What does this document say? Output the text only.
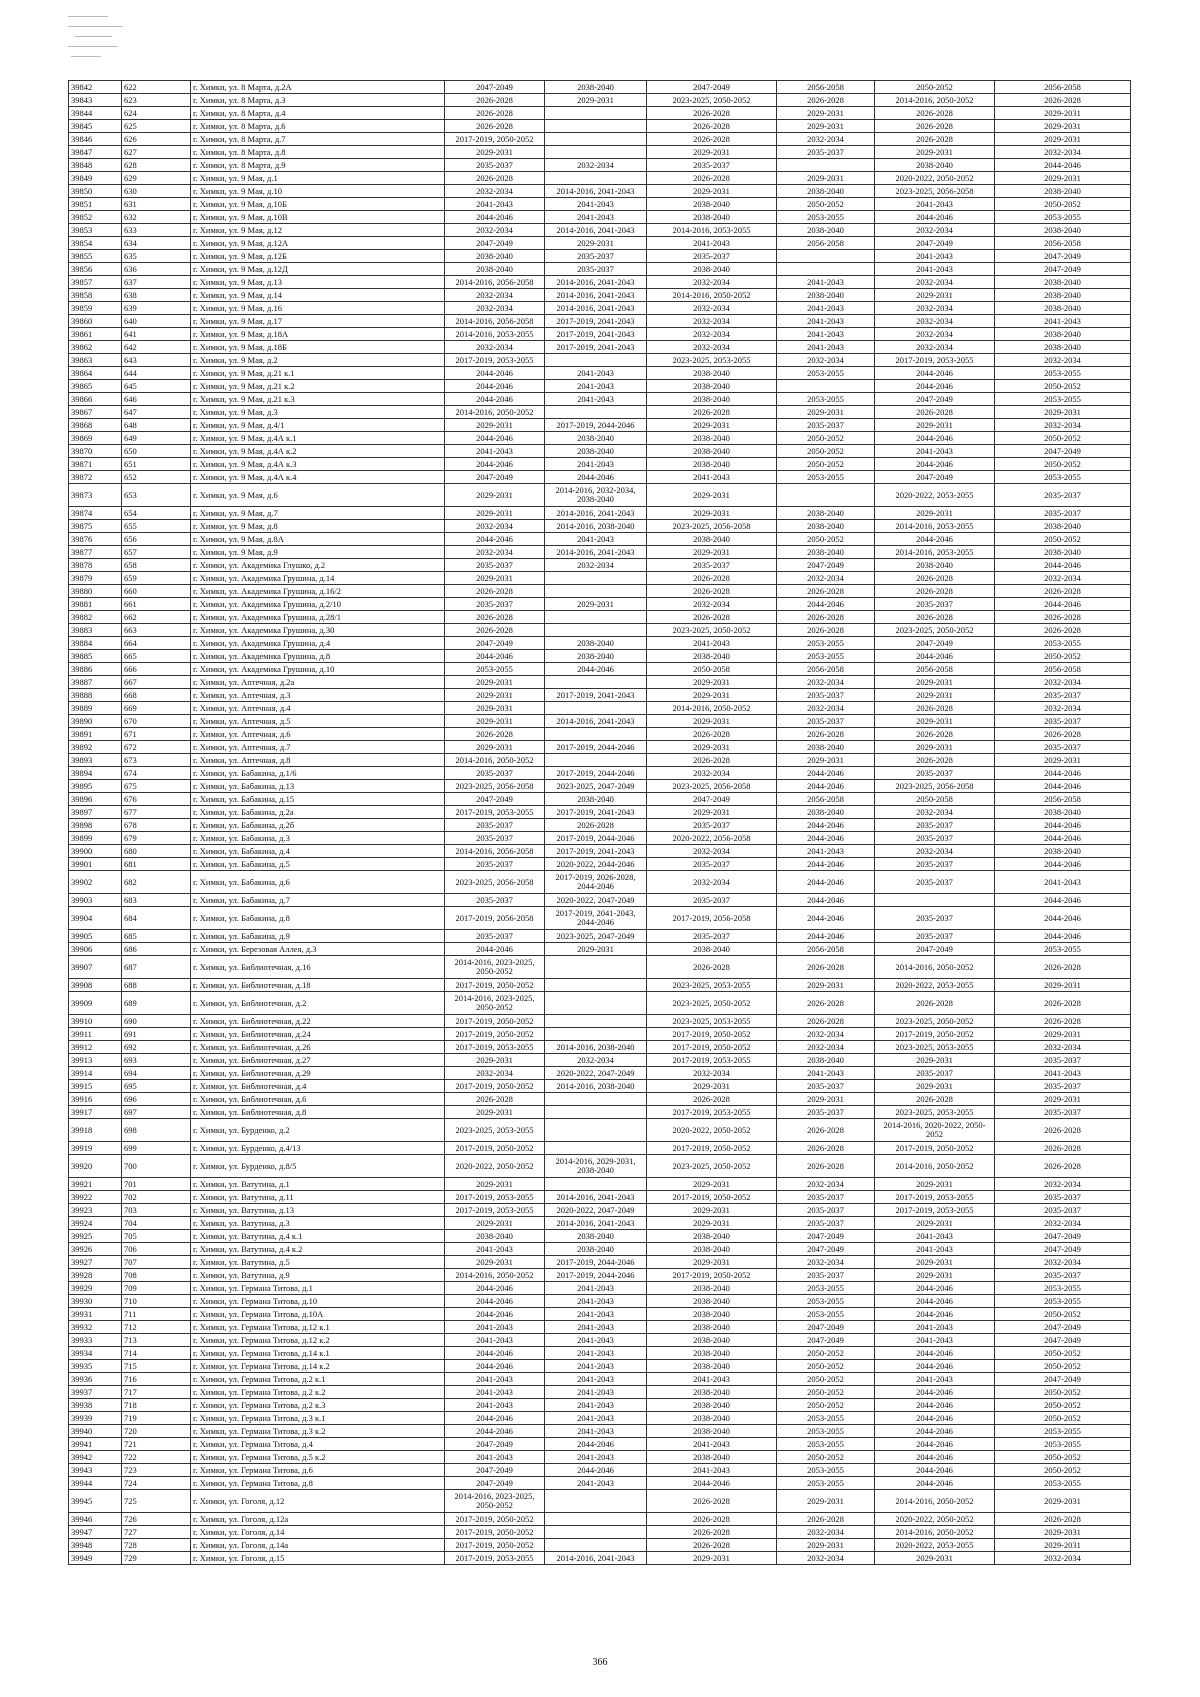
39842	622	г. Химки, ул. 8 Марта, д.2А	2047-2049	2038-2040	2047-2049	2056-2058	2050-2052	2056-2058
39843	623	г. Химки, ул. 8 Марта, д.3	2026-2028	2029-2031	2023-2025, 2050-2052	2026-2028	2014-2016, 2050-2052	2026-2028
39844	624	г. Химки, ул. 8 Марта, д.4	2026-2028		2026-2028	2029-2031	2026-2028	2029-2031
39845	625	г. Химки, ул. 8 Марта, д.6	2026-2028		2026-2028	2029-2031	2026-2028	2029-2031
39846	626	г. Химки, ул. 8 Марта, д.7	2017-2019, 2050-2052		2026-2028	2032-2034	2026-2028	2029-2031
39847	627	г. Химки, ул. 8 Марта, д.8	2029-2031		2029-2031	2035-2037	2029-2031	2032-2034
39848	628	г. Химки, ул. 8 Марта, д.9	2035-2037	2032-2034	2035-2037		2038-2040	2044-2046
39849	629	г. Химки, ул. 9 Мая, д.1	2026-2028		2026-2028	2029-2031	2020-2022, 2050-2052	2029-2031
39850	630	г. Химки, ул. 9 Мая, д.10	2032-2034	2014-2016, 2041-2043	2029-2031	2038-2040	2023-2025, 2056-2058	2038-2040
39851	631	г. Химки, ул. 9 Мая, д.10Б	2041-2043	2041-2043	2038-2040	2050-2052	2041-2043	2050-2052
39852	632	г. Химки, ул. 9 Мая, д.10В	2044-2046	2041-2043	2038-2040	2053-2055	2044-2046	2053-2055
39853	633	г. Химки, ул. 9 Мая, д.12	2032-2034	2014-2016, 2041-2043	2014-2016, 2053-2055	2038-2040	2032-2034	2038-2040
39854	634	г. Химки, ул. 9 Мая, д.12А	2047-2049	2029-2031	2041-2043	2056-2058	2047-2049	2056-2058
39855	635	г. Химки, ул. 9 Мая, д.12Б	2038-2040	2035-2037	2035-2037		2041-2043	2047-2049
39856	636	г. Химки, ул. 9 Мая, д.12Д	2038-2040	2035-2037	2038-2040		2041-2043	2047-2049
39857	637	г. Химки, ул. 9 Мая, д.13	2014-2016, 2056-2058	2014-2016, 2041-2043	2032-2034	2041-2043	2032-2034	2038-2040
39858	638	г. Химки, ул. 9 Мая, д.14	2032-2034	2014-2016, 2041-2043	2014-2016, 2050-2052	2038-2040	2029-2031	2038-2040
39859	639	г. Химки, ул. 9 Мая, д.16	2032-2034	2014-2016, 2041-2043	2032-2034	2041-2043	2032-2034	2038-2040
39860	640	г. Химки, ул. 9 Мая, д.17	2014-2016, 2056-2058	2017-2019, 2041-2043	2032-2034	2041-2043	2032-2034	2041-2043
39861	641	г. Химки, ул. 9 Мая, д.18А	2014-2016, 2053-2055	2017-2019, 2041-2043	2032-2034	2041-2043	2032-2034	2038-2040
39862	642	г. Химки, ул. 9 Мая, д.18Б	2032-2034	2017-2019, 2041-2043	2032-2034	2041-2043	2032-2034	2038-2040
39863	643	г. Химки, ул. 9 Мая, д.2	2017-2019, 2053-2055		2023-2025, 2053-2055	2032-2034	2017-2019, 2053-2055	2032-2034
39864	644	г. Химки, ул. 9 Мая, д.21 к.1	2044-2046	2041-2043	2038-2040	2053-2055	2044-2046	2053-2055
39865	645	г. Химки, ул. 9 Мая, д.21 к.2	2044-2046	2041-2043	2038-2040		2044-2046	2050-2052
39866	646	г. Химки, ул. 9 Мая, д.21 к.3	2044-2046	2041-2043	2038-2040	2053-2055	2047-2049	2053-2055
39867	647	г. Химки, ул. 9 Мая, д.3	2014-2016, 2050-2052		2026-2028	2029-2031	2026-2028	2029-2031
39868	648	г. Химки, ул. 9 Мая, д.4/1	2029-2031	2017-2019, 2044-2046	2029-2031	2035-2037	2029-2031	2032-2034
39869	649	г. Химки, ул. 9 Мая, д.4А к.1	2044-2046	2038-2040	2038-2040	2050-2052	2044-2046	2050-2052
39870	650	г. Химки, ул. 9 Мая, д.4А к.2	2041-2043	2038-2040	2038-2040	2050-2052	2041-2043	2047-2049
39871	651	г. Химки, ул. 9 Мая, д.4А к.3	2044-2046	2041-2043	2038-2040	2050-2052	2044-2046	2050-2052
39872	652	г. Химки, ул. 9 Мая, д.4А к.4	2047-2049	2044-2046	2041-2043	2053-2055	2047-2049	2053-2055
39873	653	г. Химки, ул. 9 Мая, д.6	2029-2031	2014-2016, 2032-2034, 2038-2040	2029-2031		2020-2022, 2053-2055	2035-2037
39874	654	г. Химки, ул. 9 Мая, д.7	2029-2031	2014-2016, 2041-2043	2029-2031	2038-2040	2029-2031	2035-2037
39875	655	г. Химки, ул. 9 Мая, д.8	2032-2034	2014-2016, 2038-2040	2023-2025, 2056-2058	2038-2040	2014-2016, 2053-2055	2038-2040
39876	656	г. Химки, ул. 9 Мая, д.8А	2044-2046	2041-2043	2038-2040	2050-2052	2044-2046	2050-2052
39877	657	г. Химки, ул. 9 Мая, д.9	2032-2034	2014-2016, 2041-2043	2029-2031	2038-2040	2014-2016, 2053-2055	2038-2040
39878	658	г. Химки, ул. Академика Глушко, д.2	2035-2037	2032-2034	2035-2037	2047-2049	2038-2040	2044-2046
39879	659	г. Химки, ул. Академика Грушина, д.14	2029-2031		2026-2028	2032-2034	2026-2028	2032-2034
39880	660	г. Химки, ул. Академика Грушина, д.16/2	2026-2028		2026-2028	2026-2028	2026-2028	2026-2028
39881	661	г. Химки, ул. Академика Грушина, д.2/10	2035-2037	2029-2031	2032-2034	2044-2046	2035-2037	2044-2046
39882	662	г. Химки, ул. Академика Грушина, д.28/1	2026-2028		2026-2028	2026-2028	2026-2028	2026-2028
39883	663	г. Химки, ул. Академика Грушина, д.30	2026-2028		2023-2025, 2050-2052	2026-2028	2023-2025, 2050-2052	2026-2028
39884	664	г. Химки, ул. Академика Грушина, д.4	2047-2049	2038-2040	2041-2043	2053-2055	2047-2049	2053-2055
39885	665	г. Химки, ул. Академика Грушина, д.8	2044-2046	2038-2040	2038-2040	2053-2055	2044-2046	2050-2052
39886	666	г. Химки, ул. Академика Грушина, д.10	2053-2055	2044-2046	2050-2058	2056-2058	2056-2058	2056-2058
39887	667	г. Химки, ул. Аптечная, д.2а	2029-2031		2029-2031	2032-2034	2029-2031	2032-2034
39888	668	г. Химки, ул. Аптечная, д.3	2029-2031	2017-2019, 2041-2043	2029-2031	2035-2037	2029-2031	2035-2037
39889	669	г. Химки, ул. Аптечная, д.4	2029-2031		2014-2016, 2050-2052	2032-2034	2026-2028	2032-2034
39890	670	г. Химки, ул. Аптечная, д.5	2029-2031	2014-2016, 2041-2043	2029-2031	2035-2037	2029-2031	2035-2037
39891	671	г. Химки, ул. Аптечная, д.6	2026-2028		2026-2028	2026-2028	2026-2028	2026-2028
39892	672	г. Химки, ул. Аптечная, д.7	2029-2031	2017-2019, 2044-2046	2029-2031	2038-2040	2029-2031	2035-2037
39893	673	г. Химки, ул. Аптечная, д.8	2014-2016, 2050-2052		2026-2028	2029-2031	2026-2028	2029-2031
39894	674	г. Химки, ул. Бабакина, д.1/6	2035-2037	2017-2019, 2044-2046	2032-2034	2044-2046	2035-2037	2044-2046
39895	675	г. Химки, ул. Бабакина, д.13	2023-2025, 2056-2058	2023-2025, 2047-2049	2023-2025, 2056-2058	2044-2046	2023-2025, 2056-2058	2044-2046
39896	676	г. Химки, ул. Бабакина, д.15	2047-2049	2038-2040	2047-2049	2056-2058	2050-2058	2056-2058
39897	677	г. Химки, ул. Бабакина, д.2а	2017-2019, 2053-2055	2017-2019, 2041-2043	2029-2031	2038-2040	2032-2034	2038-2040
39898	678	г. Химки, ул. Бабакина, д.2б	2035-2037	2026-2028	2035-2037	2044-2046	2035-2037	2044-2046
39899	679	г. Химки, ул. Бабакина, д.3	2035-2037	2017-2019, 2044-2046	2020-2022, 2056-2058	2044-2046	2035-2037	2044-2046
39900	680	г. Химки, ул. Бабакина, д.4	2014-2016, 2056-2058	2017-2019, 2041-2043	2032-2034	2041-2043	2032-2034	2038-2040
39901	681	г. Химки, ул. Бабакина, д.5	2035-2037	2020-2022, 2044-2046	2035-2037	2044-2046	2035-2037	2044-2046
39902	682	г. Химки, ул. Бабакина, д.6	2023-2025, 2056-2058	2017-2019, 2026-2028, 2044-2046	2032-2034	2044-2046	2035-2037	2041-2043
39903	683	г. Химки, ул. Бабакина, д.7	2035-2037	2020-2022, 2047-2049	2035-2037	2044-2046		2044-2046
39904	684	г. Химки, ул. Бабакина, д.8	2017-2019, 2056-2058	2017-2019, 2041-2043, 2044-2046	2017-2019, 2056-2058	2044-2046	2035-2037	2044-2046
39905	685	г. Химки, ул. Бабакина, д.9	2035-2037	2023-2025, 2047-2049	2035-2037	2044-2046	2035-2037	2044-2046
39906	686	г. Химки, ул. Березовая Аллея, д.3	2044-2046	2029-2031	2038-2040	2056-2058	2047-2049	2053-2055
39907	687	г. Химки, ул. Библиотечная, д.16	2014-2016, 2023-2025, 2050-2052		2026-2028	2026-2028	2014-2016, 2050-2052	2026-2028
39908	688	г. Химки, ул. Библиотечная, д.18	2017-2019, 2050-2052		2023-2025, 2053-2055	2029-2031	2020-2022, 2053-2055	2029-2031
39909	689	г. Химки, ул. Библиотечная, д.2	2014-2016, 2023-2025, 2050-2052		2023-2025, 2050-2052	2026-2028	2026-2028	2026-2028
39910	690	г. Химки, ул. Библиотечная, д.22	2017-2019, 2050-2052		2023-2025, 2053-2055	2026-2028	2023-2025, 2050-2052	2026-2028
39911	691	г. Химки, ул. Библиотечная, д.24	2017-2019, 2050-2052		2017-2019, 2050-2052	2032-2034	2017-2019, 2050-2052	2029-2031
39912	692	г. Химки, ул. Библиотечная, д.26	2017-2019, 2053-2055	2014-2016, 2038-2040	2017-2019, 2050-2052	2032-2034	2023-2025, 2053-2055	2032-2034
39913	693	г. Химки, ул. Библиотечная, д.27	2029-2031	2032-2034	2017-2019, 2053-2055	2038-2040	2029-2031	2035-2037
39914	694	г. Химки, ул. Библиотечная, д.29	2032-2034	2020-2022, 2047-2049	2032-2034	2041-2043	2035-2037	2041-2043
39915	695	г. Химки, ул. Библиотечная, д.4	2017-2019, 2050-2052	2014-2016, 2038-2040	2029-2031	2035-2037	2029-2031	2035-2037
39916	696	г. Химки, ул. Библиотечная, д.6	2026-2028		2026-2028	2029-2031	2026-2028	2029-2031
39917	697	г. Химки, ул. Библиотечная, д.8	2029-2031		2017-2019, 2053-2055	2035-2037	2023-2025, 2053-2055	2035-2037
39918	698	г. Химки, ул. Бурденко, д.2	2023-2025, 2053-2055		2020-2022, 2050-2052	2026-2028	2014-2016, 2020-2022, 2050-2052	2026-2028
39919	699	г. Химки, ул. Бурденко, д.4/13	2017-2019, 2050-2052		2017-2019, 2050-2052	2026-2028	2017-2019, 2050-2052	2026-2028
39920	700	г. Химки, ул. Бурденко, д.8/5	2020-2022, 2050-2052	2014-2016, 2029-2031, 2038-2040	2023-2025, 2050-2052	2026-2028	2014-2016, 2050-2052	2026-2028
39921	701	г. Химки, ул. Ватутина, д.1	2029-2031		2029-2031	2032-2034	2029-2031	2032-2034
39922	702	г. Химки, ул. Ватутина, д.11	2017-2019, 2053-2055	2014-2016, 2041-2043	2017-2019, 2050-2052	2035-2037	2017-2019, 2053-2055	2035-2037
39923	703	г. Химки, ул. Ватутина, д.13	2017-2019, 2053-2055	2020-2022, 2047-2049	2029-2031	2035-2037	2017-2019, 2053-2055	2035-2037
39924	704	г. Химки, ул. Ватутина, д.3	2029-2031	2014-2016, 2041-2043	2029-2031	2035-2037	2029-2031	2032-2034
39925	705	г. Химки, ул. Ватутина, д.4 к.1	2038-2040	2038-2040	2038-2040	2047-2049	2041-2043	2047-2049
39926	706	г. Химки, ул. Ватутина, д.4 к.2	2041-2043	2038-2040	2038-2040	2047-2049	2041-2043	2047-2049
39927	707	г. Химки, ул. Ватутина, д.5	2029-2031	2017-2019, 2044-2046	2029-2031	2032-2034	2029-2031	2032-2034
39928	708	г. Химки, ул. Ватутина, д.9	2014-2016, 2050-2052	2017-2019, 2044-2046	2017-2019, 2050-2052	2035-2037	2029-2031	2035-2037
39929	709	г. Химки, ул. Германа Титова, д.1	2044-2046	2041-2043	2038-2040	2053-2055	2044-2046	2053-2055
39930	710	г. Химки, ул. Германа Титова, д.10	2044-2046	2041-2043	2038-2040	2053-2055	2044-2046	2053-2055
39931	711	г. Химки, ул. Германа Титова, д.10А	2044-2046	2041-2043	2038-2040	2053-2055	2044-2046	2050-2052
39932	712	г. Химки, ул. Германа Титова, д.12 к.1	2041-2043	2041-2043	2038-2040	2047-2049	2041-2043	2047-2049
39933	713	г. Химки, ул. Германа Титова, д.12 к.2	2041-2043	2041-2043	2038-2040	2047-2049	2041-2043	2047-2049
39934	714	г. Химки, ул. Германа Титова, д.14 к.1	2044-2046	2041-2043	2038-2040	2050-2052	2044-2046	2050-2052
39935	715	г. Химки, ул. Германа Титова, д.14 к.2	2044-2046	2041-2043	2038-2040	2050-2052	2044-2046	2050-2052
39936	716	г. Химки, ул. Германа Титова, д.2 к.1	2041-2043	2041-2043	2041-2043	2050-2052	2041-2043	2047-2049
39937	717	г. Химки, ул. Германа Титова, д.2 к.2	2041-2043	2041-2043	2038-2040	2050-2052	2044-2046	2050-2052
39938	718	г. Химки, ул. Германа Титова, д.2 к.3	2041-2043	2041-2043	2038-2040	2050-2052	2044-2046	2050-2052
39939	719	г. Химки, ул. Германа Титова, д.3 к.1	2044-2046	2041-2043	2038-2040	2053-2055	2044-2046	2050-2052
39940	720	г. Химки, ул. Германа Титова, д.3 к.2	2044-2046	2041-2043	2038-2040	2053-2055	2044-2046	2053-2055
39941	721	г. Химки, ул. Германа Титова, д.4	2047-2049	2044-2046	2041-2043	2053-2055	2044-2046	2053-2055
39942	722	г. Химки, ул. Германа Титова, д.5 к.2	2041-2043	2041-2043	2038-2040	2050-2052	2044-2046	2050-2052
39943	723	г. Химки, ул. Германа Титова, д.6	2047-2049	2044-2046	2041-2043	2053-2055	2044-2046	2050-2052
39944	724	г. Химки, ул. Германа Титова, д.8	2047-2049	2041-2043	2044-2046	2053-2055	2044-2046	2053-2055
39945	725	г. Химки, ул. Гоголя, д.12	2014-2016, 2023-2025, 2050-2052		2026-2028	2029-2031	2014-2016, 2050-2052	2029-2031
39946	726	г. Химки, ул. Гоголя, д.12а	2017-2019, 2050-2052		2026-2028	2026-2028	2020-2022, 2050-2052	2026-2028
39947	727	г. Химки, ул. Гоголя, д.14	2017-2019, 2050-2052		2026-2028	2032-2034	2014-2016, 2050-2052	2029-2031
39948	728	г. Химки, ул. Гоголя, д.14а	2017-2019, 2050-2052		2026-2028	2029-2031	2020-2022, 2053-2055	2029-2031
39949	729	г. Химки, ул. Гоголя, д.15	2017-2019, 2053-2055	2014-2016, 2041-2043	2029-2031	2032-2034	2029-2031	2032-2034
366
